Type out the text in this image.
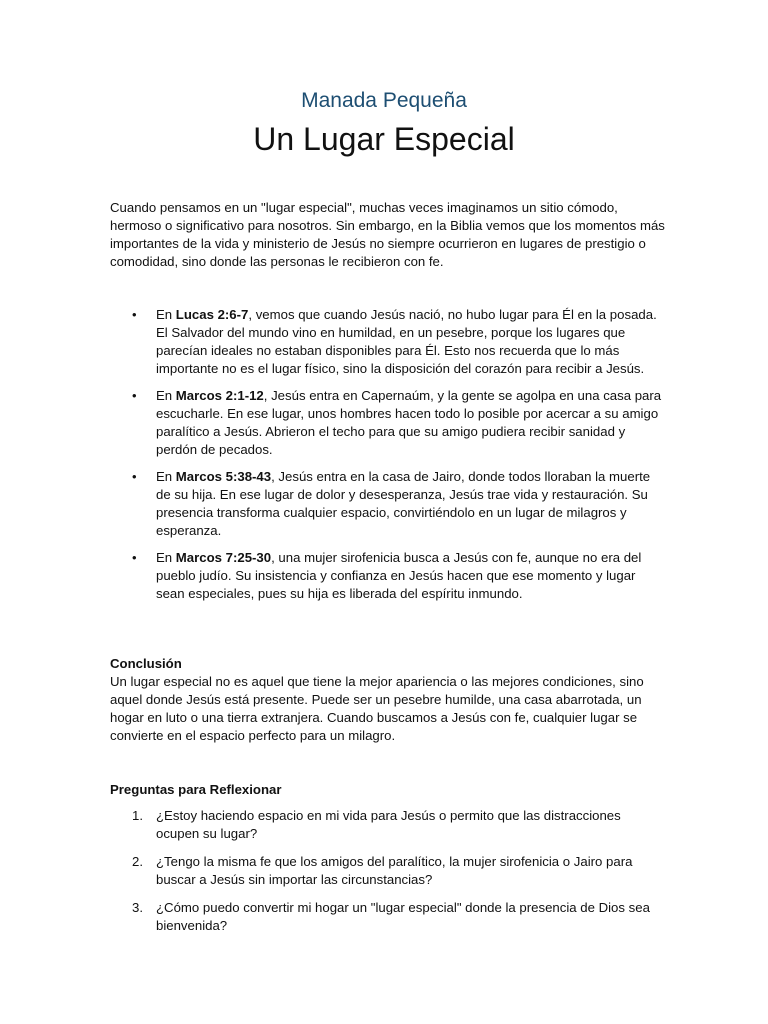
Manada Pequeña
Un Lugar Especial

Cuando pensamos en un "lugar especial", muchas veces imaginamos un sitio cómodo, hermoso o significativo para nosotros. Sin embargo, en la Biblia vemos que los momentos más importantes de la vida y ministerio de Jesús no siempre ocurrieron en lugares de prestigio o comodidad, sino donde las personas le recibieron con fe.

• En Lucas 2:6-7, vemos que cuando Jesús nació, no hubo lugar para Él en la posada. El Salvador del mundo vino en humildad, en un pesebre, porque los lugares que parecían ideales no estaban disponibles para Él. Esto nos recuerda que lo más importante no es el lugar físico, sino la disposición del corazón para recibir a Jesús.
• En Marcos 2:1-12, Jesús entra en Capernaúm, y la gente se agolpa en una casa para escucharle. En ese lugar, unos hombres hacen todo lo posible por acercar a su amigo paralítico a Jesús. Abrieron el techo para que su amigo pudiera recibir sanidad y perdón de pecados.
• En Marcos 5:38-43, Jesús entra en la casa de Jairo, donde todos lloraban la muerte de su hija. En ese lugar de dolor y desesperanza, Jesús trae vida y restauración. Su presencia transforma cualquier espacio, convirtiéndolo en un lugar de milagros y esperanza.
• En Marcos 7:25-30, una mujer sirofenicia busca a Jesús con fe, aunque no era del pueblo judío. Su insistencia y confianza en Jesús hacen que ese momento y lugar sean especiales, pues su hija es liberada del espíritu inmundo.
Conclusión

Un lugar especial no es aquel que tiene la mejor apariencia o las mejores condiciones, sino aquel donde Jesús está presente. Puede ser un pesebre humilde, una casa abarrotada, un hogar en luto o una tierra extranjera. Cuando buscamos a Jesús con fe, cualquier lugar se convierte en el espacio perfecto para un milagro.

Preguntas para Reflexionar
1. ¿Estoy haciendo espacio en mi vida para Jesús o permito que las distracciones ocupen su lugar?
2. ¿Tengo la misma fe que los amigos del paralítico, la mujer sirofenicia o Jairo para buscar a Jesús sin importar las circunstancias?
3. ¿Cómo puedo convertir mi hogar un "lugar especial" donde la presencia de Dios sea bienvenida?
